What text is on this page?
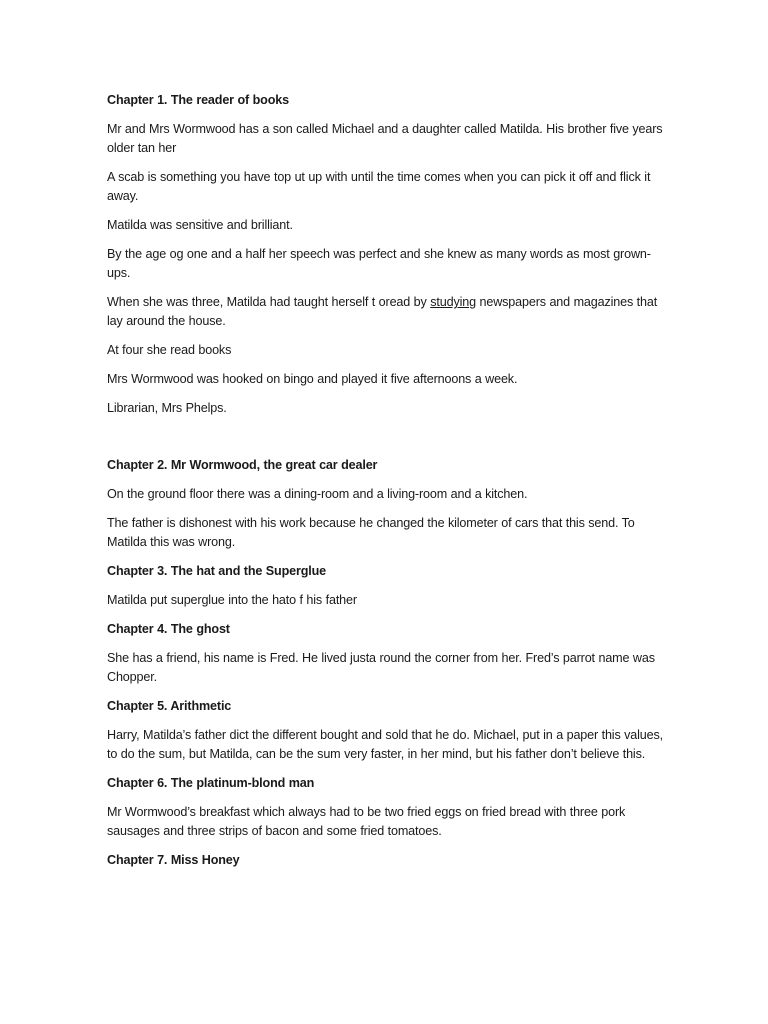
Chapter 1. The reader of books

Mr and Mrs Wormwood has a son called Michael and a daughter called Matilda. His brother five years older tan her

A scab is something you have top ut up with until the time comes when you can pick it off and flick it away.

Matilda was sensitive and brilliant.

By the age og one and a half her speech was perfect and she knew as many words as most grown-ups.

When she was three, Matilda had taught herself t oread by studying newspapers and magazines that lay around the house.

At four she read books

Mrs Wormwood was hooked on bingo and played it five afternoons a week.

Librarian, Mrs Phelps.

Chapter 2. Mr Wormwood, the great car dealer

On the ground floor there was a dining-room and a living-room and a kitchen.

The father is dishonest with his work because he changed the kilometer of cars that this send. To Matilda this was wrong.

Chapter 3. The hat and the Superglue

Matilda put superglue into the hato f his father

Chapter 4. The ghost

She has a friend, his name is Fred. He lived justa round the corner from her. Fred’s parrot name was Chopper.

Chapter 5. Arithmetic

Harry, Matilda’s father dict the different bought and sold that he do. Michael, put in a paper this values, to do the sum, but Matilda, can be the sum very faster, in her mind, but his father don’t believe this.

Chapter 6. The platinum-blond man

Mr Wormwood’s breakfast which always had to be two fried eggs on fried bread with three pork sausages and three strips of bacon and some fried tomatoes.

Chapter 7. Miss Honey
